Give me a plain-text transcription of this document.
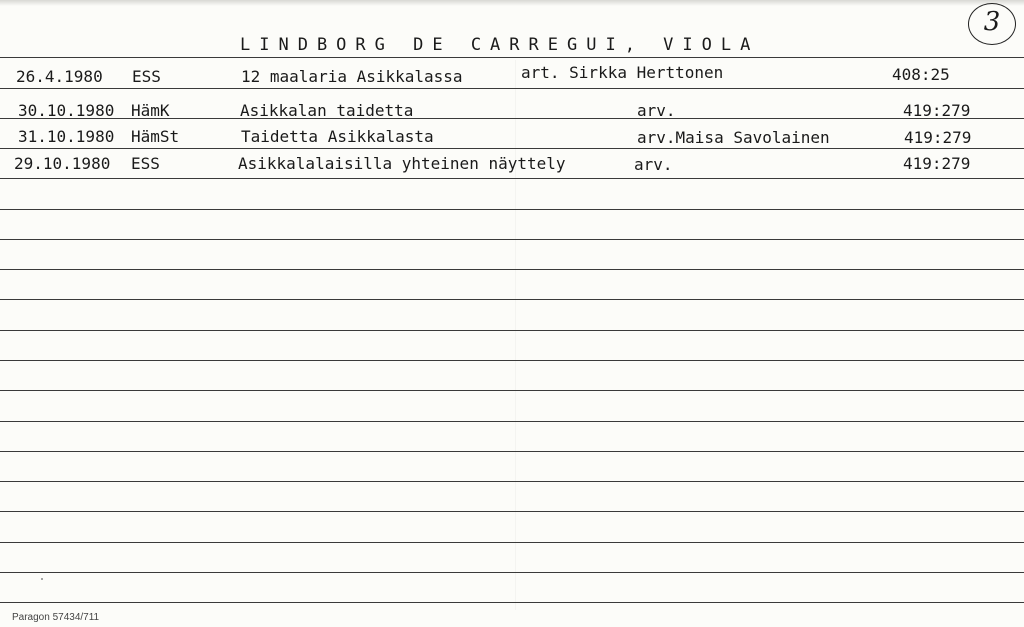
LINDBORG DE CARREGUI, VIOLA
3
26.4.1980 ESS	12 maalaria Asikkalassa	art. Sirkka Herttonen	408:25
30.10.1980 HämK	Asikkalan taidetta	arv.	419:279
31.10.1980 HämSt	Taidetta Asikkalasta	arv.Maisa Savolainen	419:279
29.10.1980 ESS	Asikkalalaisilla yhteinen näyttely	arv.	419:279
Paragon 57434/711
